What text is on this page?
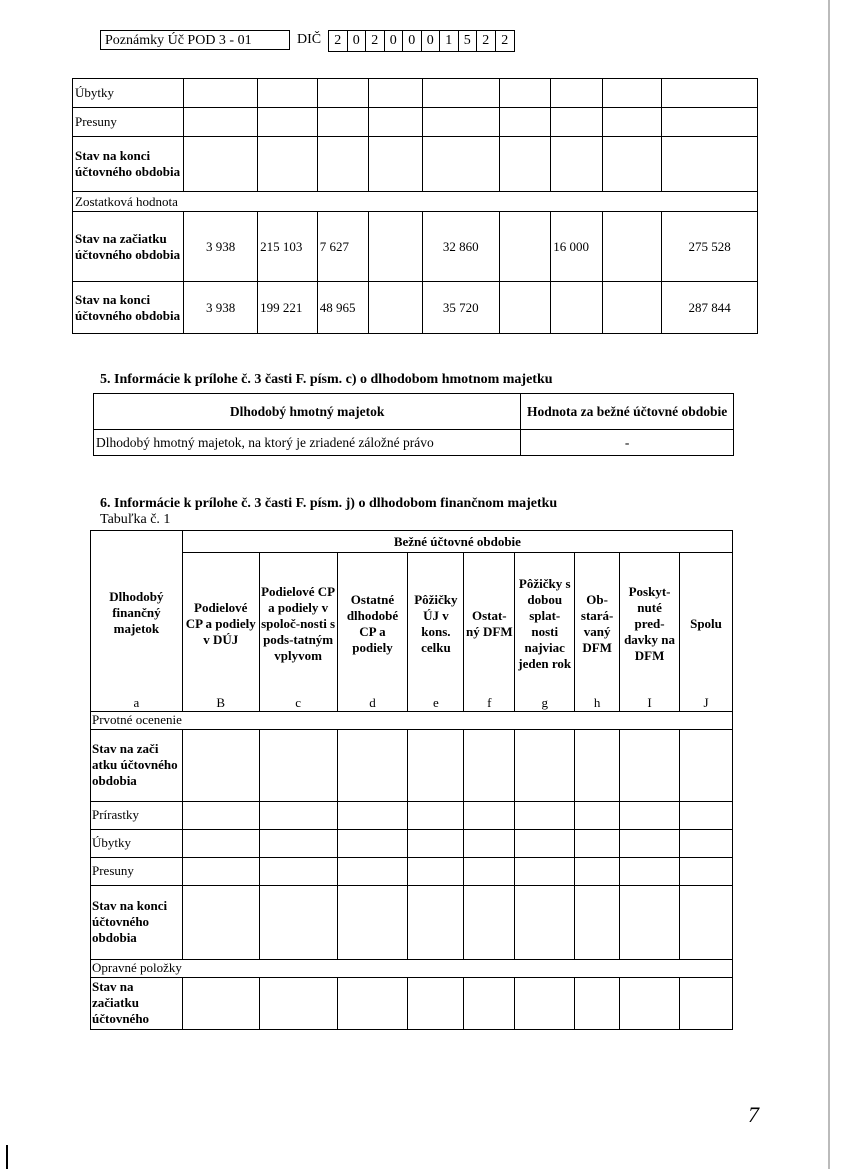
Poznámky Úč POD 3 - 01	DIČ 2 0 2 0 0 0 1 5 2 2
Úbytky									
Presuny									
Stav na konci účtovného obdobia									
Zostatková hodnota									
Stav na začiatku účtovného obdobia	3 938	215 103	7 627		32 860		16 000		275 528
Stav na konci účtovného obdobia	3 938	199 221	48 965		35 720				287 844
5. Informácie k prílohe č. 3 časti F. písm. c) o dlhodobom hmotnom majetku
Dlhodobý hmotný majetok	Hodnota za bežné účtovné obdobie
Dlhodobý hmotný majetok, na ktorý je zriadené záložné právo	-
6. Informácie k prílohe č. 3 časti F. písm. j) o dlhodobom finančnom majetku
Tabuľka č. 1
Dlhodobý finančný majetok	Bežné účtovné obdobie								
	Podielové CP a podiely v DÚJ	Podielové CP a podiely v spoloč-nosti s pods-tatným vplyvom	Ostatné dlhodobé CP a podiely	Pôžičky ÚJ v kons. celku	Ostat-ný DFM	Pôžičky s dobou splat-nosti najviac jeden rok	Ob-stará-vaný DFM	Poskyt-nuté pred-davky na DFM	Spolu
a	B	c	d	e	f	g	h	I	J
Prvotné ocenenie									
Stav na zači atku účtovného obdobia									
Prírastky									
Úbytky									
Presuny									
Stav na konci účtovného obdobia									
Opravné položky									
Stav na začiatku účtovného									
7
